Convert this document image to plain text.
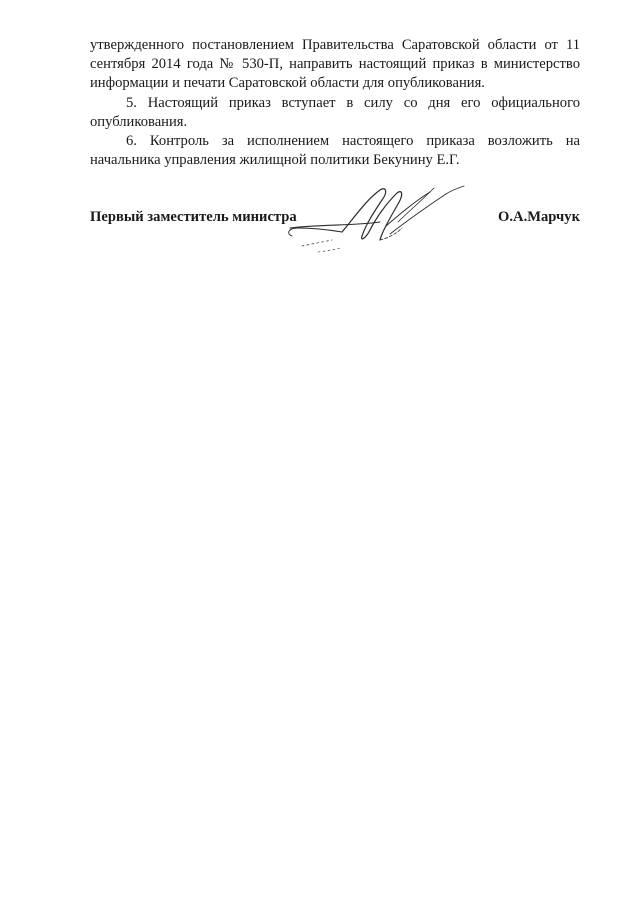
утвержденного постановлением Правительства Саратовской области от 11 сентября 2014 года № 530-П, направить настоящий приказ в министерство информации и печати Саратовской области для опубликования.

5. Настоящий приказ вступает в силу со дня его официального опубликования.

6. Контроль за исполнением настоящего приказа возложить на начальника управления жилищной политики Бекунину Е.Г.

Первый заместитель министра	О.А.Марчук
